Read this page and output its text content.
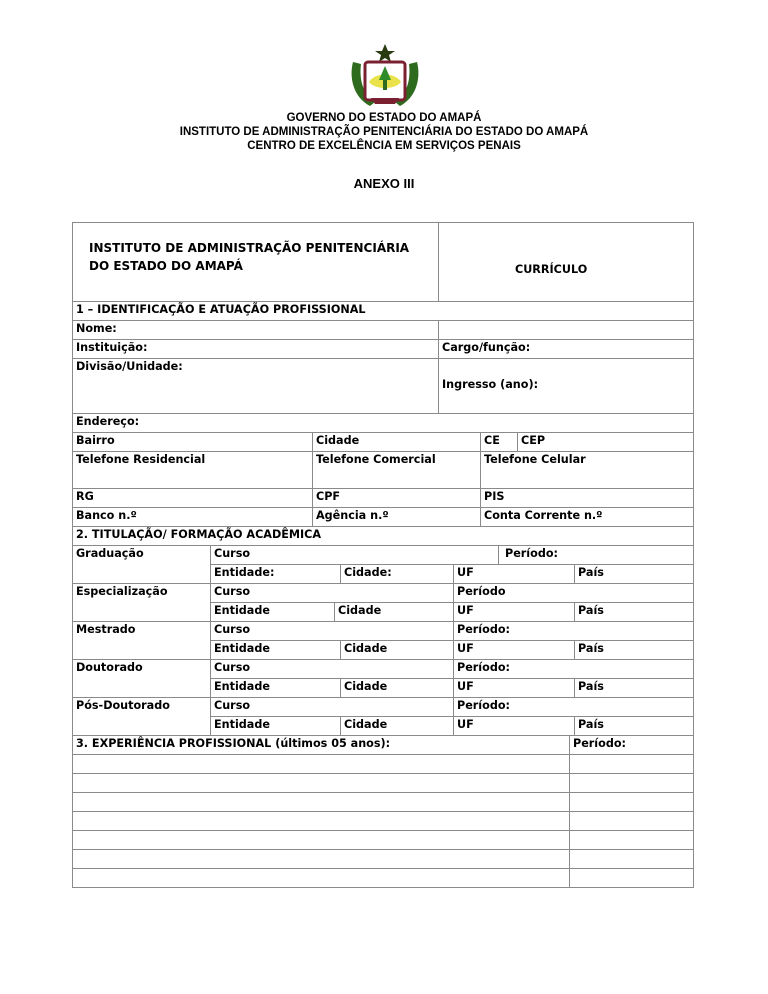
GOVERNO DO ESTADO DO AMAPÁ
INSTITUTO DE ADMINISTRAÇÃO PENITENCIÁRIA DO ESTADO DO AMAPÁ
CENTRO DE EXCELÊNCIA EM SERVIÇOS PENAIS
ANEXO III
INSTITUTO DE ADMINISTRAÇÃO PENITENCIÁRIA
DO ESTADO DO AMAPÁ	CURRÍCULO
1 – IDENTIFICAÇÃO E ATUAÇÃO PROFISSIONAL
Nome:
Instituição:	Cargo/função:
Divisão/Unidade:
Ingresso (ano):
Endereço:
Bairro	Cidade	CE	CEP
Telefone Residencial	Telefone Comercial	Telefone Celular
RG	CPF	PIS
Banco n.º	Agência n.º	Conta Corrente n.º
2. TITULAÇÃO/ FORMAÇÃO ACADÊMICA
Graduação	Curso	Período:
Entidade:	Cidade:	UF	País
Especialização	Curso	Período
Entidade	Cidade	UF	País
Mestrado	Curso	Período:
Entidade	Cidade	UF	País
Doutorado	Curso	Período:
Entidade	Cidade	UF	País
Pós-Doutorado	Curso	Período:
Entidade	Cidade	UF	País
3. EXPERIÊNCIA PROFISSIONAL (últimos 05 anos):	Período:
